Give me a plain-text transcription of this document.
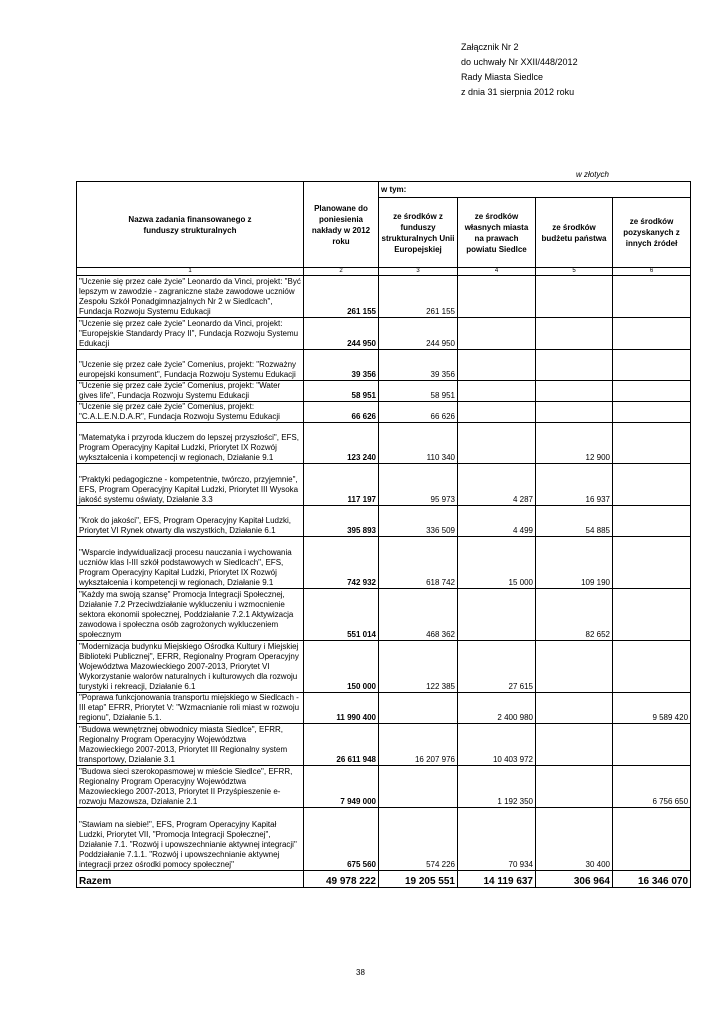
Załącznik Nr 2
do uchwały Nr XXII/448/2012
Rady Miasta Siedlce
z dnia 31 sierpnia 2012 roku
w złotych
Nazwa zadania finansowanego z funduszy strukturalnych	Planowane do poniesienia nakłady w 2012 roku	w tym:			
		ze środków z funduszy strukturalnych Unii Europejskiej	ze środków własnych miasta na prawach powiatu Siedlce	ze środków budżetu państwa	ze środków pozyskanych z innych źródeł
1	2	3	4	5	6
"Uczenie się przez całe życie" Leonardo da Vinci, projekt: "Być lepszym w zawodzie - zagraniczne staże zawodowe uczniów Zespołu Szkół Ponadgimnazjalnych Nr 2 w Siedlcach", Fundacja Rozwoju Systemu Edukacji	261 155	261 155			
"Uczenie się przez całe życie" Leonardo da Vinci, projekt: "Europejskie Standardy Pracy II", Fundacja Rozwoju Systemu Edukacji	244 950	244 950			
"Uczenie się przez całe życie" Comenius, projekt: "Rozważny europejski konsument", Fundacja Rozwoju Systemu Edukacji	39 356	39 356			
"Uczenie się przez całe życie" Comenius, projekt: "Water gives life", Fundacja Rozwoju Systemu Edukacji	58 951	58 951			
"Uczenie się przez całe życie" Comenius, projekt: "C.A.L.E.N.D.A.R", Fundacja Rozwoju Systemu Edukacji	66 626	66 626			
"Matematyka i przyroda kluczem do lepszej przyszłości", EFS, Program Operacyjny Kapitał Ludzki, Priorytet IX Rozwój wykształcenia i kompetencji w regionach, Działanie 9.1	123 240	110 340		12 900	
"Praktyki pedagogiczne - kompetentnie, twórczo, przyjemnie", EFS, Program Operacyjny Kapitał Ludzki, Priorytet III Wysoka jakość systemu oświaty, Działanie 3.3	117 197	95 973	4 287	16 937	
"Krok do jakości", EFS, Program Operacyjny Kapitał Ludzki, Priorytet VI Rynek otwarty dla wszystkich, Działanie 6.1	395 893	336 509	4 499	54 885	
"Wsparcie indywidualizacji procesu nauczania i wychowania uczniów klas I-III szkół podstawowych w Siedlcach", EFS, Program Operacyjny Kapitał Ludzki, Priorytet IX Rozwój wykształcenia i kompetencji w regionach, Działanie 9.1	742 932	618 742	15 000	109 190	
"Każdy ma swoją szansę" Promocja Integracji Społecznej, Działanie 7.2 Przeciwdziałanie wykluczeniu i wzmocnienie sektora ekonomii społecznej, Poddziałanie 7.2.1 Aktywizacja zawodowa i społeczna osób zagrożonych wykluczeniem społecznym	551 014	468 362		82 652	
"Modernizacja budynku Miejskiego Ośrodka Kultury i Miejskiej Biblioteki Publicznej", EFRR, Regionalny Program Operacyjny Województwa Mazowieckiego 2007-2013, Priorytet VI Wykorzystanie walorów naturalnych i kulturowych dla rozwoju turystyki i rekreacji, Działanie 6.1	150 000	122 385	27 615		
"Poprawa funkcjonowania transportu miejskiego w Siedlcach - III etap" EFRR, Priorytet V: "Wzmacnianie roli miast w rozwoju regionu", Działanie 5.1.	11 990 400		2 400 980		9 589 420
"Budowa wewnętrznej obwodnicy miasta Siedlce", EFRR, Regionalny Program Operacyjny Województwa Mazowieckiego 2007-2013, Priorytet III Regionalny system transportowy, Działanie 3.1	26 611 948	16 207 976	10 403 972		
"Budowa sieci szerokopasmowej w mieście Siedlce", EFRR, Regionalny Program Operacyjny Województwa Mazowieckiego 2007-2013, Priorytet II Przyśpieszenie e-rozwoju Mazowsza, Działanie 2.1	7 949 000		1 192 350		6 756 650
"Stawiam na siebie!", EFS, Program Operacyjny Kapitał Ludzki, Priorytet VII, "Promocja Integracji Społecznej", Działanie 7.1. "Rozwój i upowszechnianie aktywnej integracji" Poddziałanie 7.1.1. "Rozwój i upowszechnianie aktywnej integracji przez ośrodki pomocy społecznej"	675 560	574 226	70 934	30 400	
Razem	49 978 222	19 205 551	14 119 637	306 964	16 346 070
38
